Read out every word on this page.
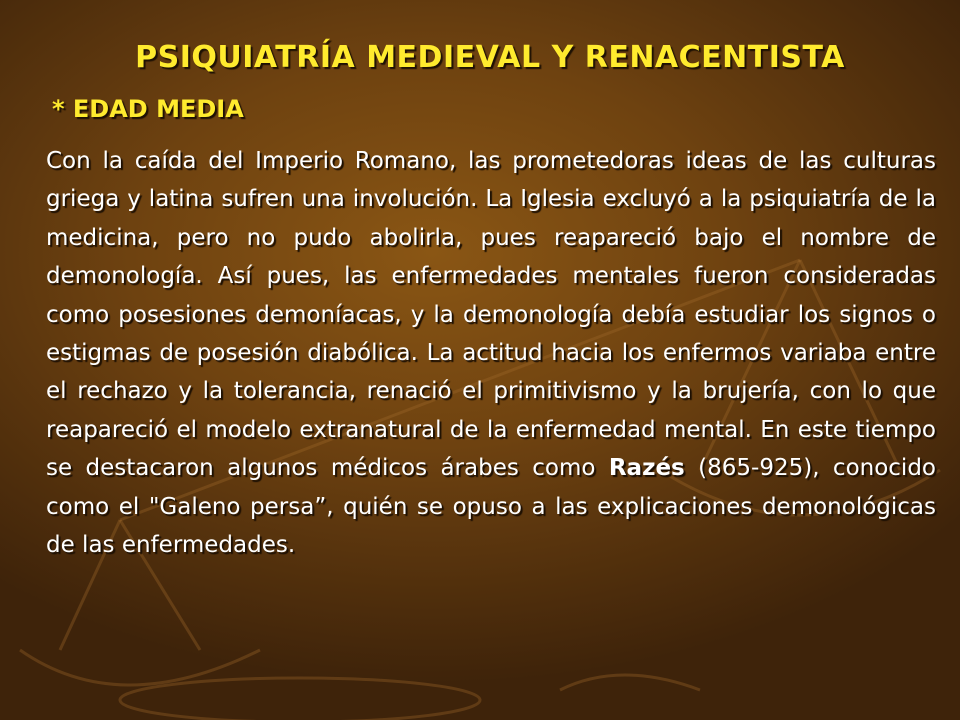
PSIQUIATRÍA MEDIEVAL Y RENACENTISTA
* EDAD MEDIA

Con la caída del Imperio Romano, las prometedoras ideas de las culturas griega y latina sufren una involución. La Iglesia excluyó a la psiquiatría de la medicina, pero no pudo abolirla, pues reapareció bajo el nombre de demonología. Así pues, las enfermedades mentales fueron consideradas como posesiones demoníacas, y la demonología debía estudiar los signos o estigmas de posesión diabólica. La actitud hacia los enfermos variaba entre el rechazo y la tolerancia, renació el primitivismo y la brujería, con lo que reapareció el modelo extranatural de la enfermedad mental. En este tiempo se destacaron algunos médicos árabes como Razés (865-925), conocido como el "Galeno persa”, quién se opuso a las explicaciones demonológicas de las enfermedades.
